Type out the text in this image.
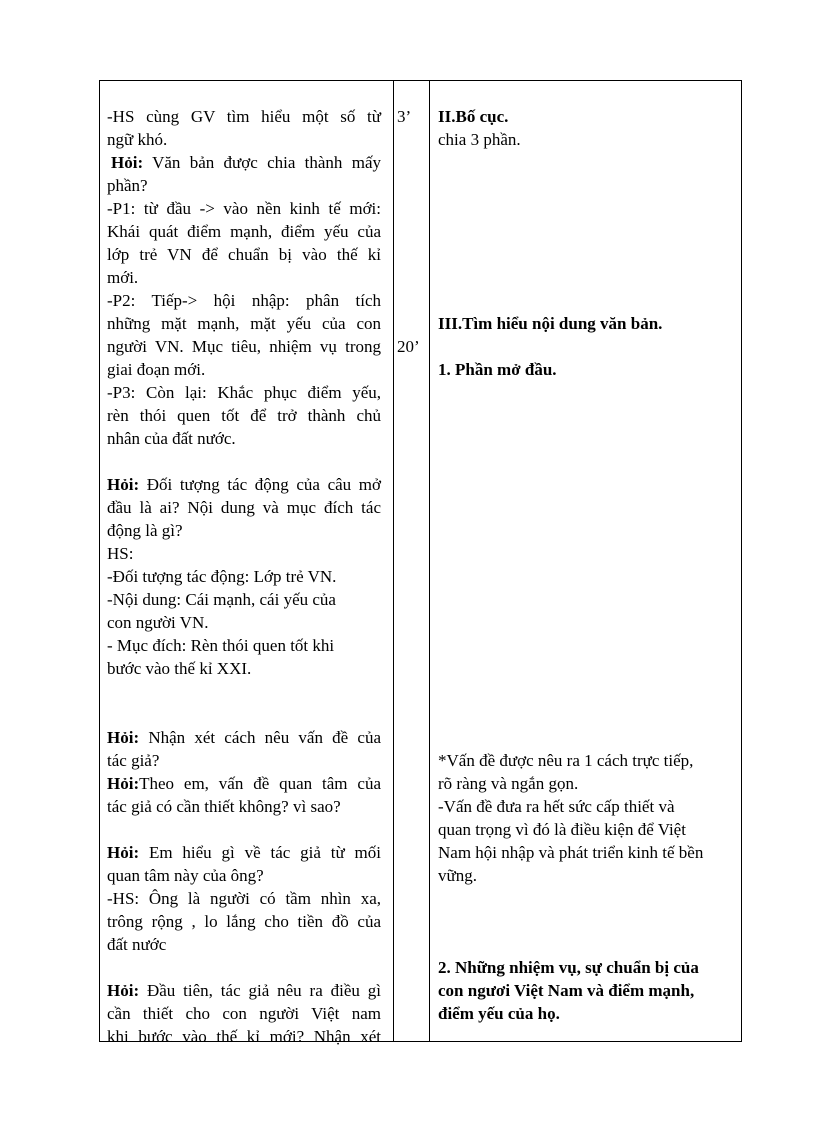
-HS cùng GV tìm hiểu một số từ
ngữ khó.
Hỏi: Văn bản được chia thành mấy
phần?
-P1: từ đầu -> vào nền kinh tế mới:
Khái quát điểm mạnh, điểm yếu của
lớp trẻ VN để chuẩn bị vào thế kỉ
mới.
-P2: Tiếp-> hội nhập: phân tích
những mặt mạnh, mặt yếu của con
người VN. Mục tiêu, nhiệm vụ trong
giai đoạn mới.
-P3: Còn lại: Khắc phục điểm yếu,
rèn thói quen tốt để trở thành chủ
nhân của đất nước.
Hỏi: Đối tượng tác động của câu mở
đầu là ai? Nội dung và mục đích tác
động là gì?
HS:
-Đối tượng tác động: Lớp trẻ VN.
-Nội dung: Cái mạnh, cái yếu của
con người VN.
- Mục đích: Rèn thói quen tốt khi
bước vào thế kỉ XXI.
Hỏi: Nhận xét cách nêu vấn đề của
tác giả?
Hỏi:Theo em, vấn đề quan tâm của
tác giả có cần thiết không? vì sao?
Hỏi: Em hiểu gì về tác giả từ mối
quan tâm này của ông?
-HS: Ông là người có tầm nhìn xa,
trông rộng , lo lắng cho tiền đồ của
đất nước
Hỏi: Đầu tiên, tác giả nêu ra điều gì
cần thiết cho con người Việt nam
khi bước vào thế kỉ mới? Nhận xét
3’
20’
II.Bố cục.
chia 3 phần.
III.Tìm hiểu nội dung văn bản.
1. Phần mở đầu.
*Vấn đề được nêu ra 1 cách trực tiếp,
rõ ràng và ngắn gọn.
-Vấn đề đưa ra hết sức cấp thiết và
quan trọng vì đó là điều kiện để Việt
Nam hội nhập và phát triển kinh tế bền
vững.
2. Những nhiệm vụ, sự chuẩn bị của
con ngươi Việt Nam và điểm mạnh,
điểm yếu của họ.
